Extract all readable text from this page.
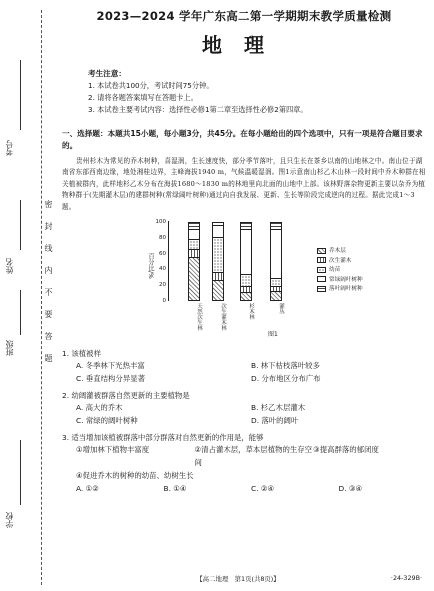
考号
姓名
班级
学校
密封线内不要答题
2023—2024 学年广东高二第一学期期末教学质量检测
地理
考生注意：
1. 本试卷共100分，考试时间75分钟。
2. 请将各题答案填写在答题卡上。
3. 本试卷主要考试内容：选择性必修1第二章至选择性必修2第四章。
一、选择题：本题共15小题，每小题3分，共45分。在每小题给出的四个选项中，只有一项是符合题目要求的。
贵州杉木为常见的乔木树种，喜湿润，生长速度快，部分季节落叶，且只生长在茶乡以南的山地林之中。南山位于湖南省东部西南边缘，地处湘桂边界，主峰海拔1940 m，气候温暖湿润。图1示意南山杉乙木山林一段时间中乔木种群在相关植被群内，此样地杉乙木分布在海拔1680～1830 m的林地里向北面的山地中上部。该林野落杂物更新主要以杂乔为植物种群于(先期灌木层)的建群树种(常绿阔叶树种)通过向自我发展、更新、生长等阶段完成逆向的过程。据此完成1～3题。
百分比/%
乔木层
次生灌木
幼苗
常绿阔叶树种
落叶阔叶树种
图1
0
20
40
60
80
100
天然次生林	次生灌木林	杉木林	灌丛
1. 该植被样
A. 冬季林下光热丰富	B. 林下枯枝落叶较多
C. 垂直结构分异显著	D. 分布地区分布广布
2. 幼阔灌被群落自然更新的主要植物是
A. 高大的乔木	B. 杉乙木层灌木
C. 常绿的阔叶树种	D. 落叶的阔叶
3. 适当增加该植被群落中部分群落对自然更新的作用是，能够
①增加林下植物丰富度	②清占灌木层，草本层植物的生存空间
③提高群落的郁闭度
④促进乔木的树种的幼苗、幼树生长
A. ①②	B. ①④	C. ②④	D. ③④
【高二地理　第1页(共8页)】	·24-329B·
